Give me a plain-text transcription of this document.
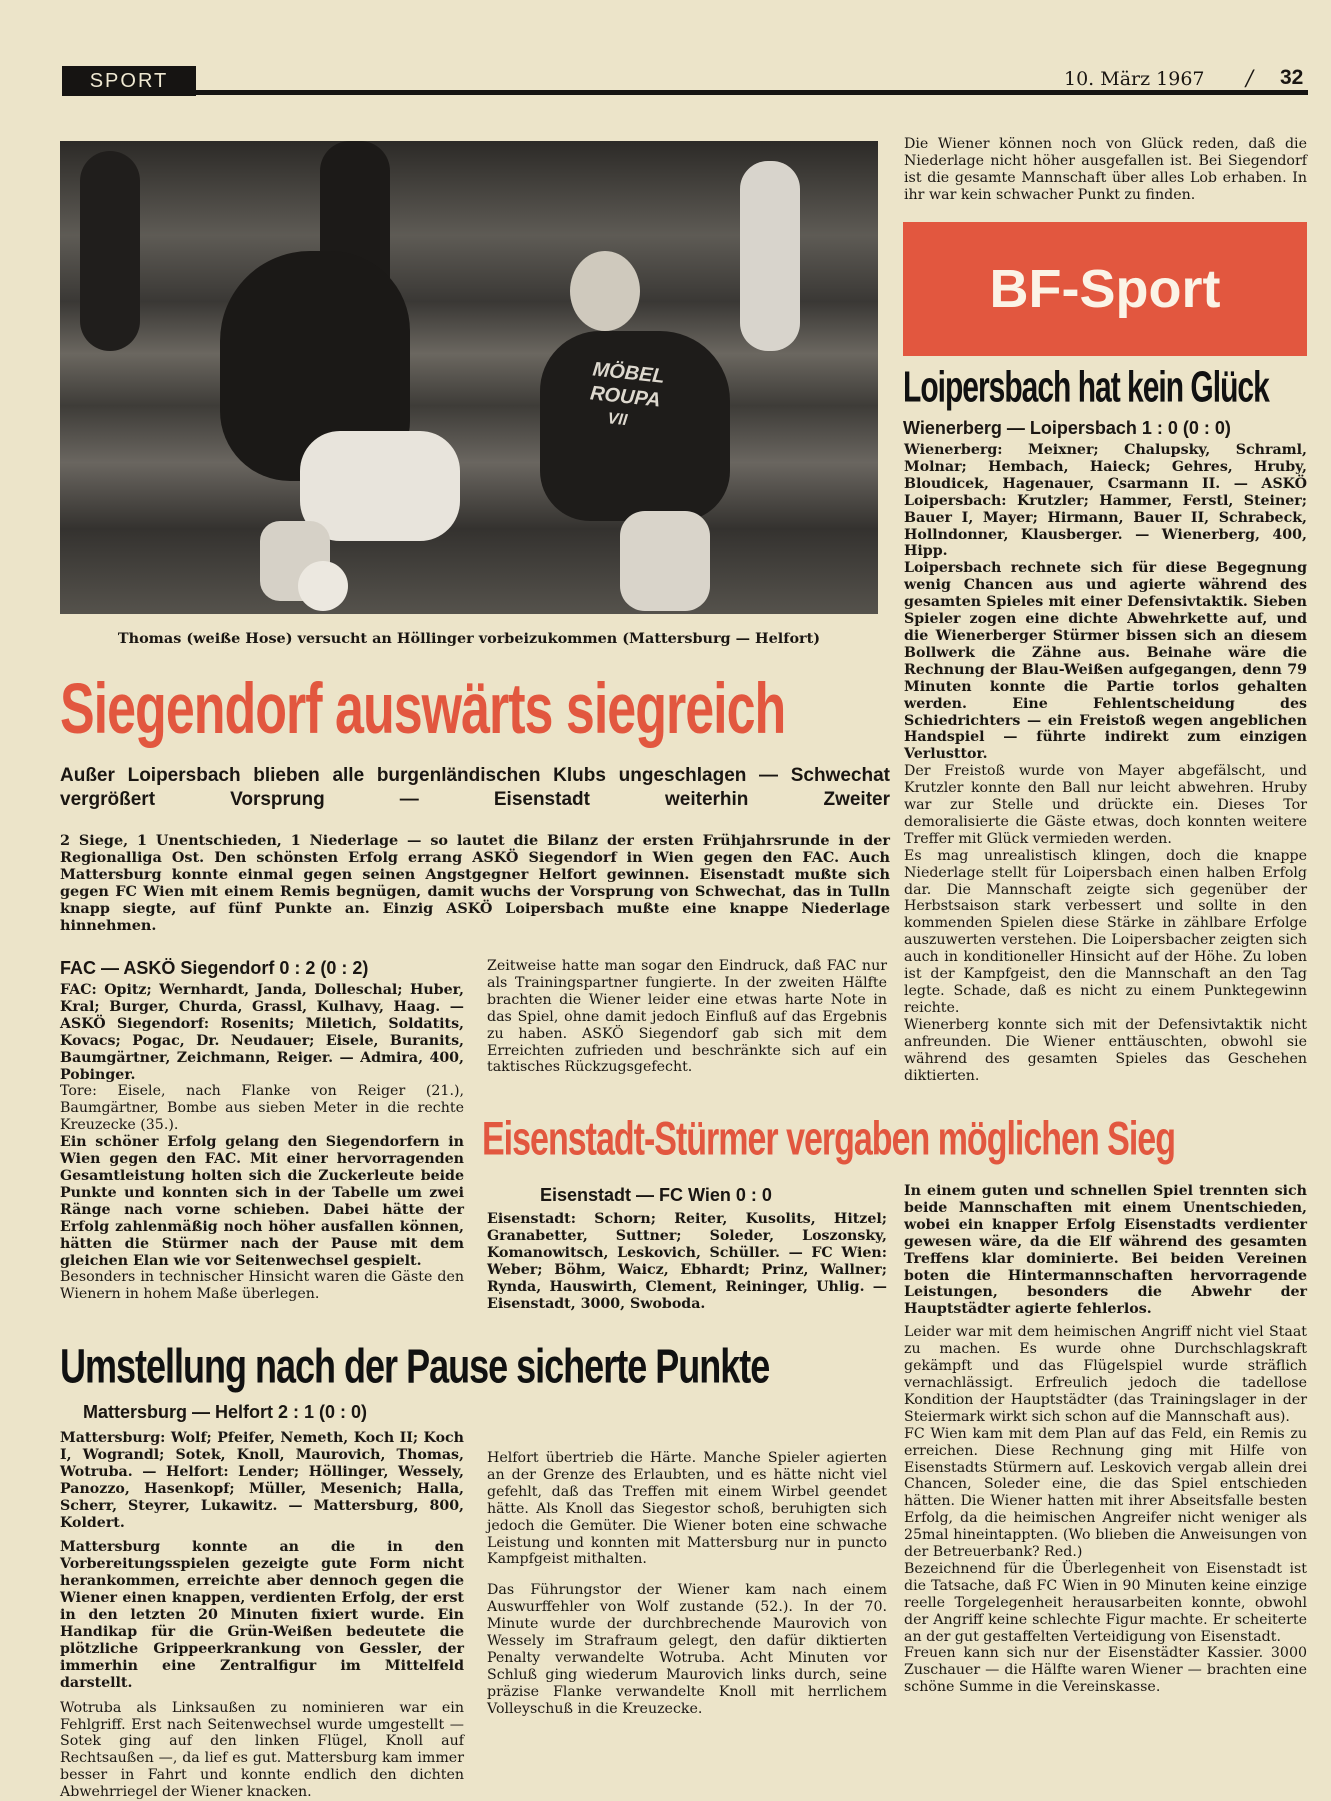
SPORT	10. März 1967 / 32
MÖBEL
ROUPA
VII
Thomas (weiße Hose) versucht an Höllinger vorbeizukommen (Mattersburg — Helfort)
Siegendorf auswärts siegreich
Außer Loipersbach blieben alle burgenländischen Klubs ungeschlagen — Schwechat vergrößert Vorsprung — Eisenstadt weiterhin Zweiter
2 Siege, 1 Unentschieden, 1 Niederlage — so lautet die Bilanz der ersten Frühjahrsrunde in der Regionalliga Ost. Den schönsten Erfolg errang ASKÖ Siegendorf in Wien gegen den FAC. Auch Mattersburg konnte einmal gegen seinen Angstgegner Helfort gewinnen. Eisenstadt mußte sich gegen FC Wien mit einem Remis begnügen, damit wuchs der Vorsprung von Schwechat, das in Tulln knapp siegte, auf fünf Punkte an. Einzig ASKÖ Loipersbach mußte eine knappe Niederlage hinnehmen.
FAC — ASKÖ Siegendorf 0 : 2 (0 : 2)

FAC: Opitz; Wernhardt, Janda, Dolleschal; Huber, Kral; Burger, Churda, Grassl, Kulhavy, Haag. — ASKÖ Siegendorf: Rosenits; Miletich, Soldatits, Kovacs; Pogac, Dr. Neudauer; Eisele, Buranits, Baumgärtner, Zeichmann, Reiger. — Admira, 400, Pobinger.

Tore: Eisele, nach Flanke von Reiger (21.), Baumgärtner, Bombe aus sieben Meter in die rechte Kreuzecke (35.).

Ein schöner Erfolg gelang den Siegendorfern in Wien gegen den FAC. Mit einer hervorragenden Gesamtleistung holten sich die Zuckerleute beide Punkte und konnten sich in der Tabelle um zwei Ränge nach vorne schieben. Dabei hätte der Erfolg zahlenmäßig noch höher ausfallen können, hätten die Stürmer nach der Pause mit dem gleichen Elan wie vor Seitenwechsel gespielt.

Besonders in technischer Hinsicht waren die Gäste den Wienern in hohem Maße überlegen.

Zeitweise hatte man sogar den Eindruck, daß FAC nur als Trainingspartner fungierte. In der zweiten Hälfte brachten die Wiener leider eine etwas harte Note in das Spiel, ohne damit jedoch Einfluß auf das Ergebnis zu haben. ASKÖ Siegendorf gab sich mit dem Erreichten zufrieden und beschränkte sich auf ein taktisches Rückzugsgefecht.

Umstellung nach der Pause sicherte Punkte
Mattersburg — Helfort 2 : 1 (0 : 0)

Mattersburg: Wolf; Pfeifer, Nemeth, Koch II; Koch I, Wograndl; Sotek, Knoll, Maurovich, Thomas, Wotruba. — Helfort: Lender; Höllinger, Wessely, Panozzo, Hasenkopf; Müller, Mesenich; Halla, Scherr, Steyrer, Lukawitz. — Mattersburg, 800, Koldert.

Mattersburg konnte an die in den Vorbereitungsspielen gezeigte gute Form nicht herankommen, erreichte aber dennoch gegen die Wiener einen knappen, verdienten Erfolg, der erst in den letzten 20 Minuten fixiert wurde. Ein Handikap für die Grün-Weißen bedeutete die plötzliche Grippeerkrankung von Gessler, der immerhin eine Zentralfigur im Mittelfeld darstellt.

Wotruba als Linksaußen zu nominieren war ein Fehlgriff. Erst nach Seitenwechsel wurde umgestellt — Sotek ging auf den linken Flügel, Knoll auf Rechtsaußen —, da lief es gut. Mattersburg kam immer besser in Fahrt und konnte endlich den dichten Abwehrriegel der Wiener knacken.

Helfort übertrieb die Härte. Manche Spieler agierten an der Grenze des Erlaubten, und es hätte nicht viel gefehlt, daß das Treffen mit einem Wirbel geendet hätte. Als Knoll das Siegestor schoß, beruhigten sich jedoch die Gemüter. Die Wiener boten eine schwache Leistung und konnten mit Mattersburg nur in puncto Kampfgeist mithalten.

Das Führungstor der Wiener kam nach einem Auswurffehler von Wolf zustande (52.). In der 70. Minute wurde der durchbrechende Maurovich von Wessely im Strafraum gelegt, den dafür diktierten Penalty verwandelte Wotruba. Acht Minuten vor Schluß ging wiederum Maurovich links durch, seine präzise Flanke verwandelte Knoll mit herrlichem Volleyschuß in die Kreuzecke.

Die Wiener können noch von Glück reden, daß die Niederlage nicht höher ausgefallen ist. Bei Siegendorf ist die gesamte Mannschaft über alles Lob erhaben. In ihr war kein schwacher Punkt zu finden.

BF-Sport
Loipersbach hat kein Glück
Wienerberg — Loipersbach 1 : 0 (0 : 0)

Wienerberg: Meixner; Chalupsky, Schraml, Molnar; Hembach, Haieck; Gehres, Hruby, Bloudicek, Hagenauer, Csarmann II. — ASKÖ Loipersbach: Krutzler; Hammer, Ferstl, Steiner; Bauer I, Mayer; Hirmann, Bauer II, Schrabeck, Hollndonner, Klausberger. — Wienerberg, 400, Hipp.

Loipersbach rechnete sich für diese Begegnung wenig Chancen aus und agierte während des gesamten Spieles mit einer Defensivtaktik. Sieben Spieler zogen eine dichte Abwehrkette auf, und die Wienerberger Stürmer bissen sich an diesem Bollwerk die Zähne aus. Beinahe wäre die Rechnung der Blau-Weißen aufgegangen, denn 79 Minuten konnte die Partie torlos gehalten werden. Eine Fehlentscheidung des Schiedrichters — ein Freistoß wegen angeblichen Handspiel — führte indirekt zum einzigen Verlusttor.

Der Freistoß wurde von Mayer abgefälscht, und Krutzler konnte den Ball nur leicht abwehren. Hruby war zur Stelle und drückte ein. Dieses Tor demoralisierte die Gäste etwas, doch konnten weitere Treffer mit Glück vermieden werden.

Es mag unrealistisch klingen, doch die knappe Niederlage stellt für Loipersbach einen halben Erfolg dar. Die Mannschaft zeigte sich gegenüber der Herbstsaison stark verbessert und sollte in den kommenden Spielen diese Stärke in zählbare Erfolge auszuwerten verstehen. Die Loipersbacher zeigten sich auch in konditioneller Hinsicht auf der Höhe. Zu loben ist der Kampfgeist, den die Mannschaft an den Tag legte. Schade, daß es nicht zu einem Punktegewinn reichte.

Wienerberg konnte sich mit der Defensivtaktik nicht anfreunden. Die Wiener enttäuschten, obwohl sie während des gesamten Spieles das Geschehen diktierten.

Eisenstadt-Stürmer vergaben möglichen Sieg
Eisenstadt — FC Wien 0 : 0

Eisenstadt: Schorn; Reiter, Kusolits, Hitzel; Granabetter, Suttner; Soleder, Loszonsky, Komanowitsch, Leskovich, Schüller. — FC Wien: Weber; Böhm, Waicz, Ebhardt; Prinz, Wallner; Rynda, Hauswirth, Clement, Reininger, Uhlig. — Eisenstadt, 3000, Swoboda.

In einem guten und schnellen Spiel trennten sich beide Mannschaften mit einem Unentschieden, wobei ein knapper Erfolg Eisenstadts verdienter gewesen wäre, da die Elf während des gesamten Treffens klar dominierte. Bei beiden Vereinen boten die Hintermannschaften hervorragende Leistungen, besonders die Abwehr der Hauptstädter agierte fehlerlos.

Leider war mit dem heimischen Angriff nicht viel Staat zu machen. Es wurde ohne Durchschlagskraft gekämpft und das Flügelspiel wurde sträflich vernachlässigt. Erfreulich jedoch die tadellose Kondition der Hauptstädter (das Trainingslager in der Steiermark wirkt sich schon auf die Mannschaft aus).

FC Wien kam mit dem Plan auf das Feld, ein Remis zu erreichen. Diese Rechnung ging mit Hilfe von Eisenstadts Stürmern auf. Leskovich vergab allein drei Chancen, Soleder eine, die das Spiel entschieden hätten. Die Wiener hatten mit ihrer Abseitsfalle besten Erfolg, da die heimischen Angreifer nicht weniger als 25mal hineintappten. (Wo blieben die Anweisungen von der Betreuerbank? Red.)

Bezeichnend für die Überlegenheit von Eisenstadt ist die Tatsache, daß FC Wien in 90 Minuten keine einzige reelle Torgelegenheit herausarbeiten konnte, obwohl der Angriff keine schlechte Figur machte. Er scheiterte an der gut gestaffelten Verteidigung von Eisenstadt.

Freuen kann sich nur der Eisenstädter Kassier. 3000 Zuschauer — die Hälfte waren Wiener — brachten eine schöne Summe in die Vereinskasse.
